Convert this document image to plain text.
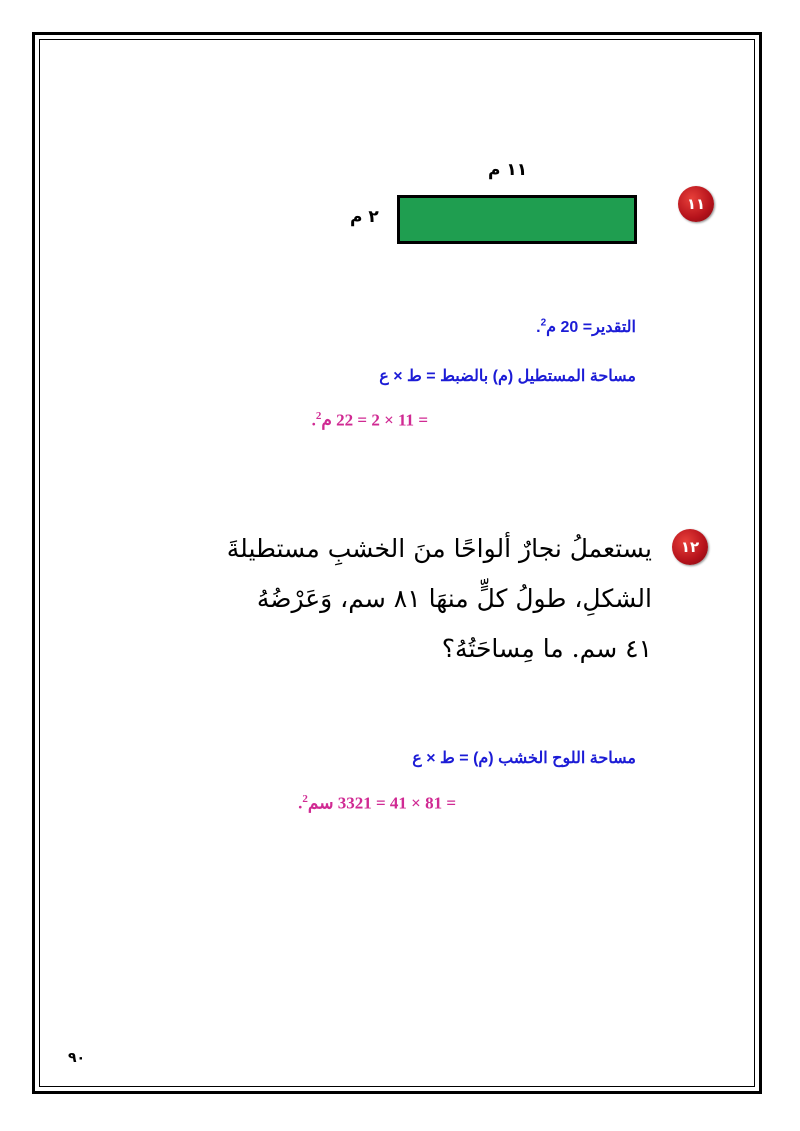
١١
١١ م
٢ م
التقدير= 20 م$^2$.
مساحة المستطيل (م) بالضبط = ط × ع
.$^2$= 11 × 2 = 22 م
١٢
يستعملُ نجارٌ ألواحًا منَ الخشبِ مستطيلةَ
الشكلِ، طولُ كلٍّ منهَا ٨١ سم، وَعَرْضُهُ
٤١ سم. ما مِساحَتُهُ؟
مساحة اللوح الخشب (م) = ط × ع
.$^2$= 81 × 41 = 3321 سم
٩٠
